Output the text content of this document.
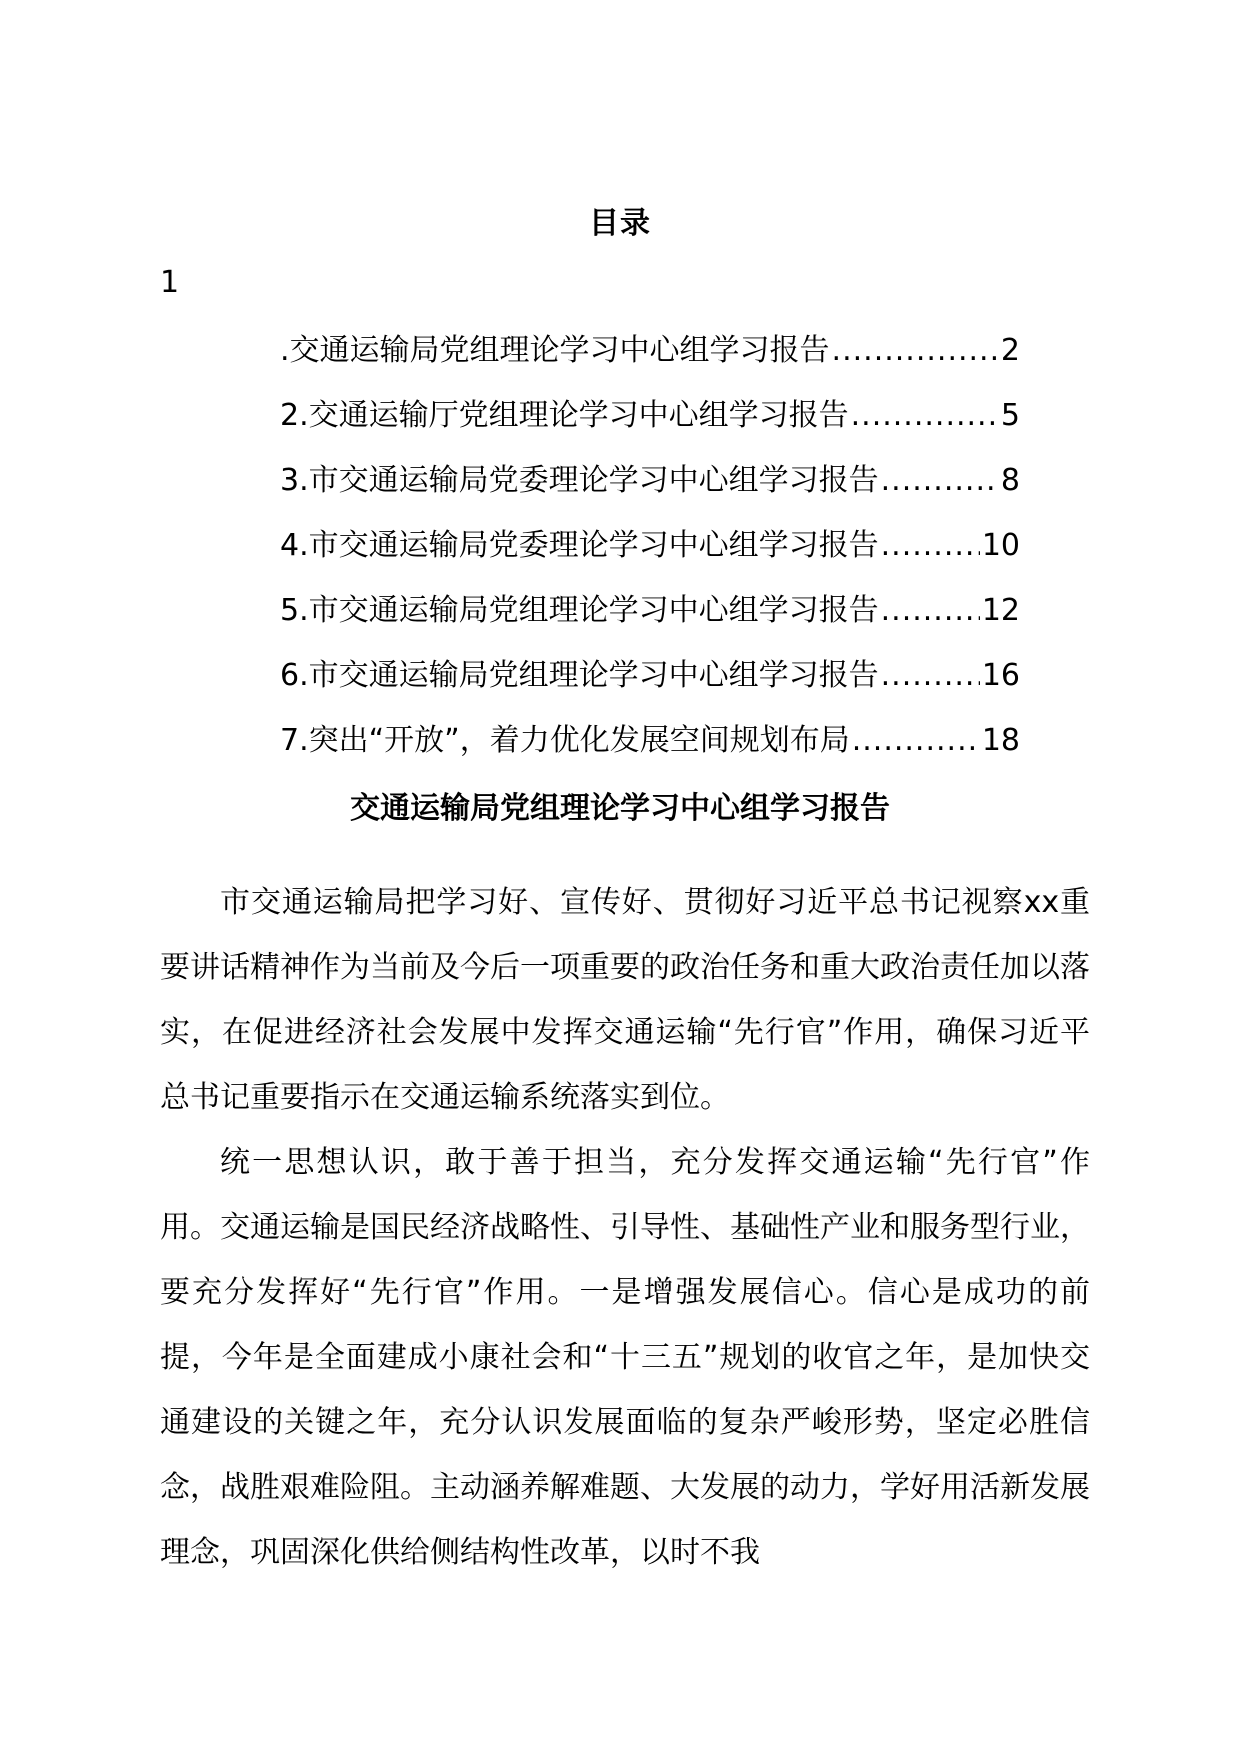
目录
1
.交通运输局党组理论学习中心组学习报告 .....	2
2.交通运输厅党组理论学习中心组学习报告 .....	5
3.市交通运输局党委理论学习中心组学习报告 .....	8
4.市交通运输局党委理论学习中心组学习报告 .....	10
5.市交通运输局党组理论学习中心组学习报告 .....	12
6.市交通运输局党组理论学习中心组学习报告 .....	16
7.突出“开放”，着力优化发展空间规划布局 .....	18
交通运输局党组理论学习中心组学习报告

市交通运输局把学习好、宣传好、贯彻好习近平总书记视察xx重要讲话精神作为当前及今后一项重要的政治任务和重大政治责任加以落实，在促进经济社会发展中发挥交通运输“先行官”作用，确保习近平总书记重要指示在交通运输系统落实到位。

统一思想认识，敢于善于担当，充分发挥交通运输“先行官”作用。交通运输是国民经济战略性、引导性、基础性产业和服务型行业，要充分发挥好“先行官”作用。一是增强发展信心。信心是成功的前提，今年是全面建成小康社会和“十三五”规划的收官之年，是加快交通建设的关键之年，充分认识发展面临的复杂严峻形势，坚定必胜信念，战胜艰难险阻。主动涵养解难题、大发展的动力，学好用活新发展理念，巩固深化供给侧结构性改革，以时不我
